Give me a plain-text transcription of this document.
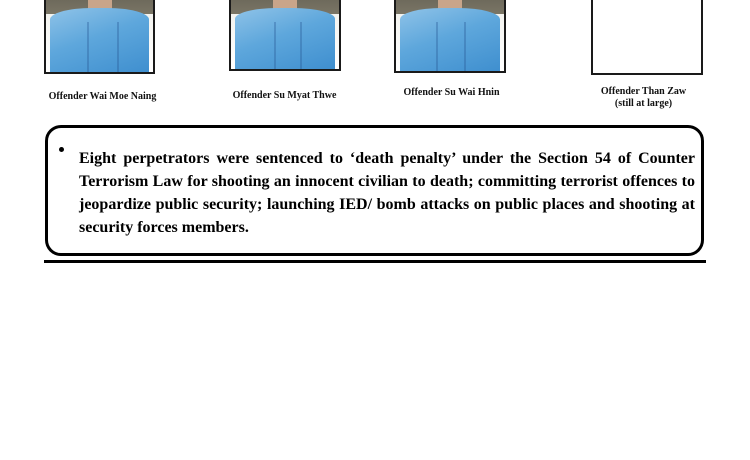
Offender Wai Moe Naing	Offender Su Myat Thwe	Offender Su Wai Hnin	Offender Than Zaw
(still at large)

Eight perpetrators were sentenced to ‘death penalty’ under the Section 54 of Counter Terrorism Law for shooting an innocent civilian to death; committing terrorist offences to jeopardize public security; launching IED/ bomb attacks on public places and shooting at security forces members.
